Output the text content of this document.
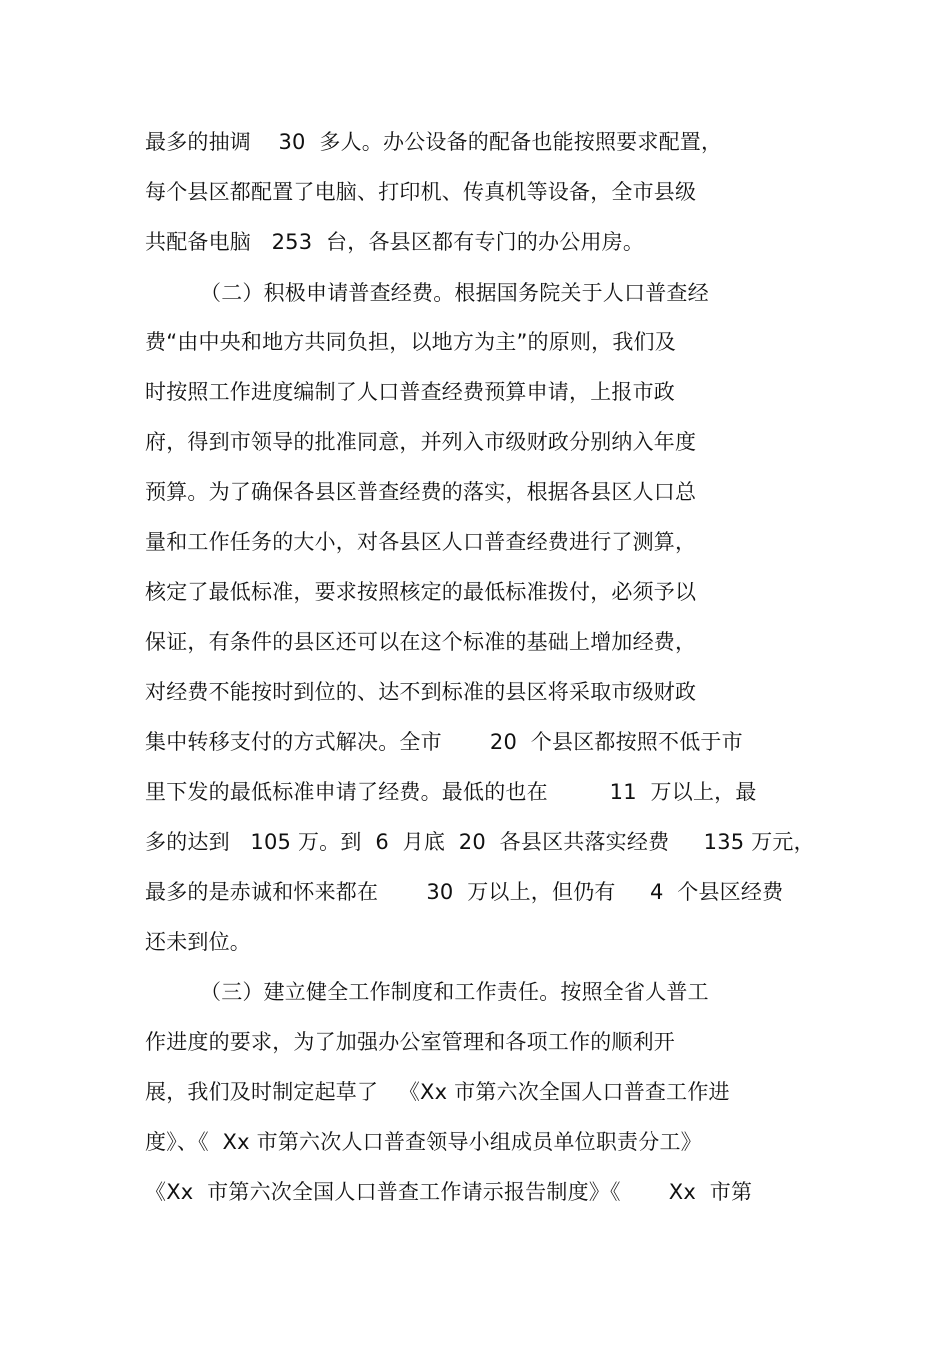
最多的抽调    30  多人。办公设备的配备也能按照要求配置，
每个县区都配置了电脑、打印机、传真机等设备，全市县级
共配备电脑   253  台，各县区都有专门的办公用房。
（二）积极申请普查经费。根据国务院关于人口普查经
费“由中央和地方共同负担，以地方为主”的原则，我们及
时按照工作进度编制了人口普查经费预算申请，上报市政
府，得到市领导的批准同意，并列入市级财政分别纳入年度
预算。为了确保各县区普查经费的落实，根据各县区人口总
量和工作任务的大小，对各县区人口普查经费进行了测算，
核定了最低标准，要求按照核定的最低标准拨付，必须予以
保证，有条件的县区还可以在这个标准的基础上增加经费，
对经费不能按时到位的、达不到标准的县区将采取市级财政
集中转移支付的方式解决。全市       20  个县区都按照不低于市
里下发的最低标准申请了经费。最低的也在         11  万以上，最
多的达到   105 万。到  6  月底  20  各县区共落实经费     135 万元，
最多的是赤诚和怀来都在       30  万以上，但仍有     4  个县区经费
还未到位。
（三）建立健全工作制度和工作责任。按照全省人普工
作进度的要求，为了加强办公室管理和各项工作的顺利开
展，我们及时制定起草了   《Xx 市第六次全国人口普查工作进
度》、《  Xx 市第六次人口普查领导小组成员单位职责分工》
《Xx  市第六次全国人口普查工作请示报告制度》《       Xx  市第
